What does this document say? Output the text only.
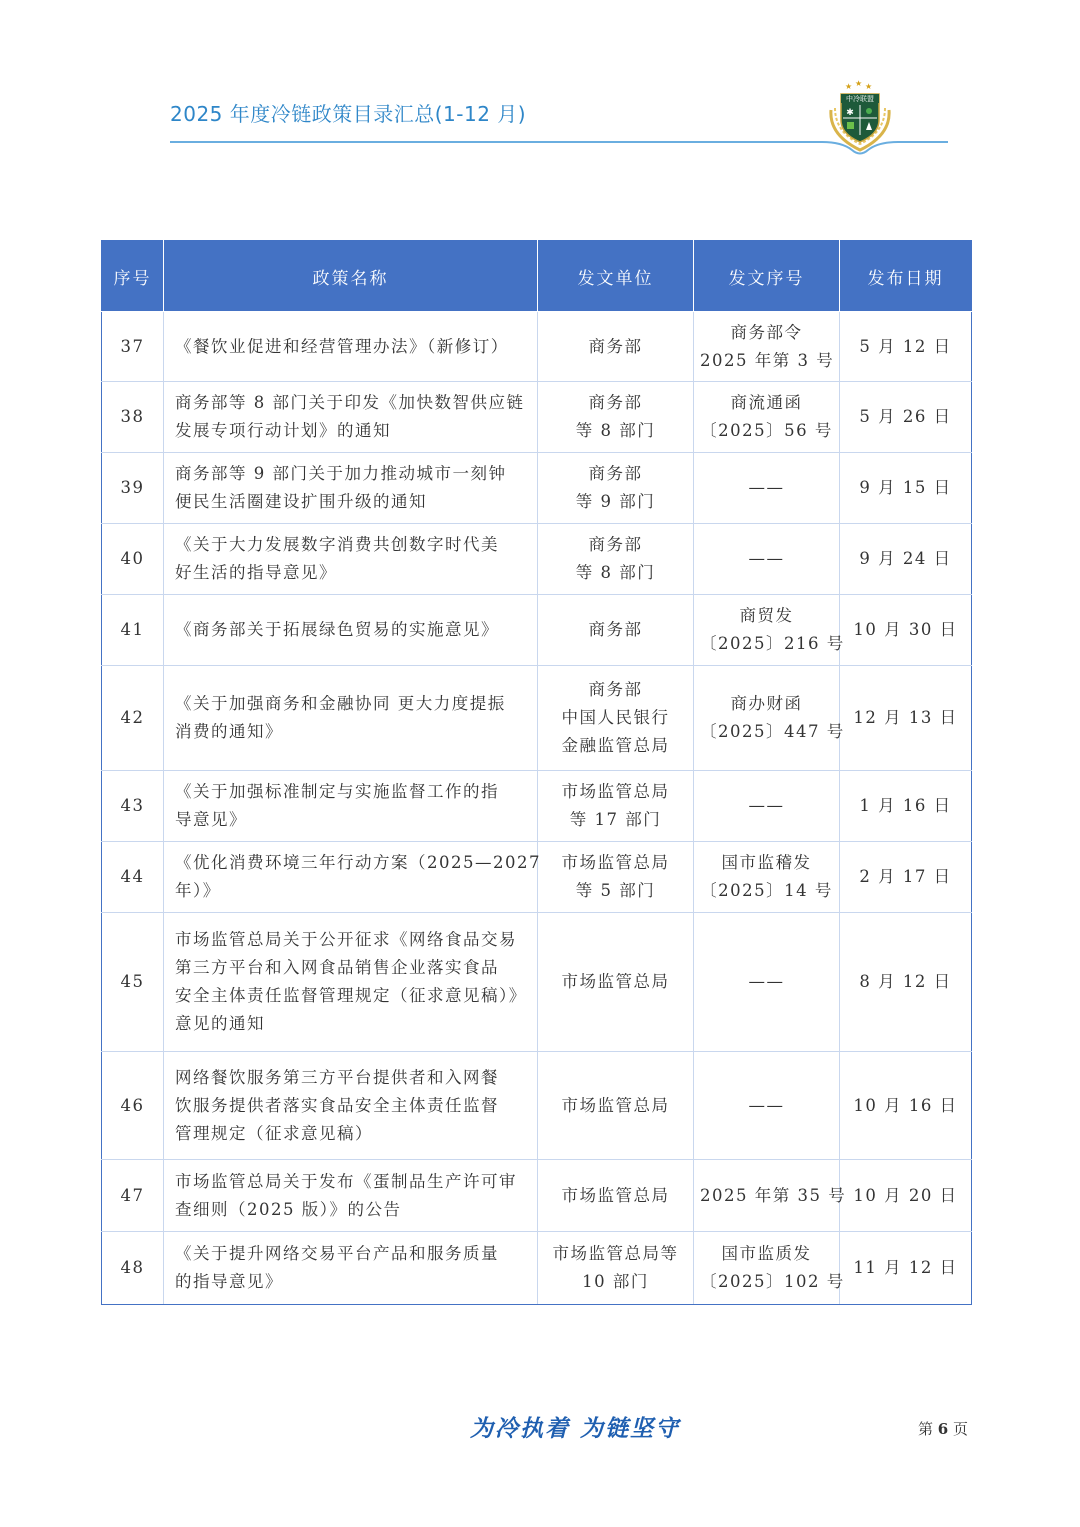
2025 年度冷链政策目录汇总(1-12 月)
★ ★ ★
中冷联盟
✱
序号	政策名称	发文单位	发文序号	发布日期
37	《餐饮业促进和经营管理办法》（新修订）	商务部	商务部令
2025 年第 3 号	5 月 12 日
38	商务部等 8 部门关于印发《加快数智供应链
发展专项行动计划》的通知	商务部
等 8 部门	商流通函
〔2025〕56 号	5 月 26 日
39	商务部等 9 部门关于加力推动城市一刻钟
便民生活圈建设扩围升级的通知	商务部
等 9 部门	——	9 月 15 日
40	《关于大力发展数字消费共创数字时代美
好生活的指导意见》	商务部
等 8 部门	——	9 月 24 日
41	《商务部关于拓展绿色贸易的实施意见》	商务部	商贸发
〔2025〕216 号	10 月 30 日
42	《关于加强商务和金融协同 更大力度提振
消费的通知》	商务部
中国人民银行
金融监管总局	商办财函
〔2025〕447 号	12 月 13 日
43	《关于加强标准制定与实施监督工作的指
导意见》	市场监管总局
等 17 部门	——	1 月 16 日
44	《优化消费环境三年行动方案（2025—2027
年）》	市场监管总局
等 5 部门	国市监稽发
〔2025〕14 号	2 月 17 日
45	市场监管总局关于公开征求《网络食品交易
第三方平台和入网食品销售企业落实食品
安全主体责任监督管理规定（征求意见稿）》
意见的通知	市场监管总局	——	8 月 12 日
46	网络餐饮服务第三方平台提供者和入网餐
饮服务提供者落实食品安全主体责任监督
管理规定（征求意见稿）	市场监管总局	——	10 月 16 日
47	市场监管总局关于发布《蛋制品生产许可审
查细则（2025 版）》的公告	市场监管总局	2025 年第 35 号	10 月 20 日
48	《关于提升网络交易平台产品和服务质量
的指导意见》	市场监管总局等
10 部门	国市监质发
〔2025〕102 号	11 月 12 日
为冷执着 为链坚守	第 6 页
